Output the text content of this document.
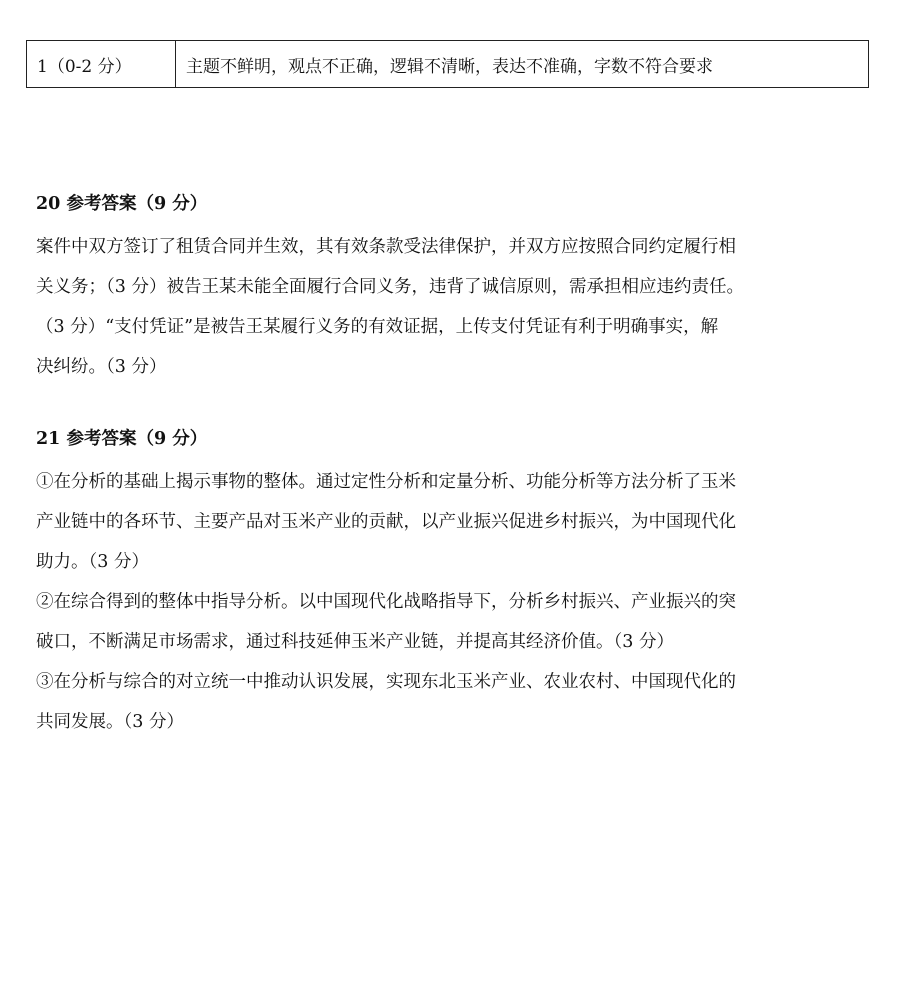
1（0-2 分）	主题不鲜明，观点不正确，逻辑不清晰，表达不准确，字数不符合要求

20 参考答案（9 分）

案件中双方签订了租赁合同并生效，其有效条款受法律保护，并双方应按照合同约定履行相

关义务；（3 分）被告王某未能全面履行合同义务，违背了诚信原则，需承担相应违约责任。

（3 分）“支付凭证”是被告王某履行义务的有效证据，上传支付凭证有利于明确事实，解

决纠纷。（3 分）

21 参考答案（9 分）

①在分析的基础上揭示事物的整体。通过定性分析和定量分析、功能分析等方法分析了玉米

产业链中的各环节、主要产品对玉米产业的贡献，以产业振兴促进乡村振兴，为中国现代化

助力。（3 分）

②在综合得到的整体中指导分析。以中国现代化战略指导下，分析乡村振兴、产业振兴的突

破口，不断满足市场需求，通过科技延伸玉米产业链，并提高其经济价值。（3 分）

③在分析与综合的对立统一中推动认识发展，实现东北玉米产业、农业农村、中国现代化的

共同发展。（3 分）
